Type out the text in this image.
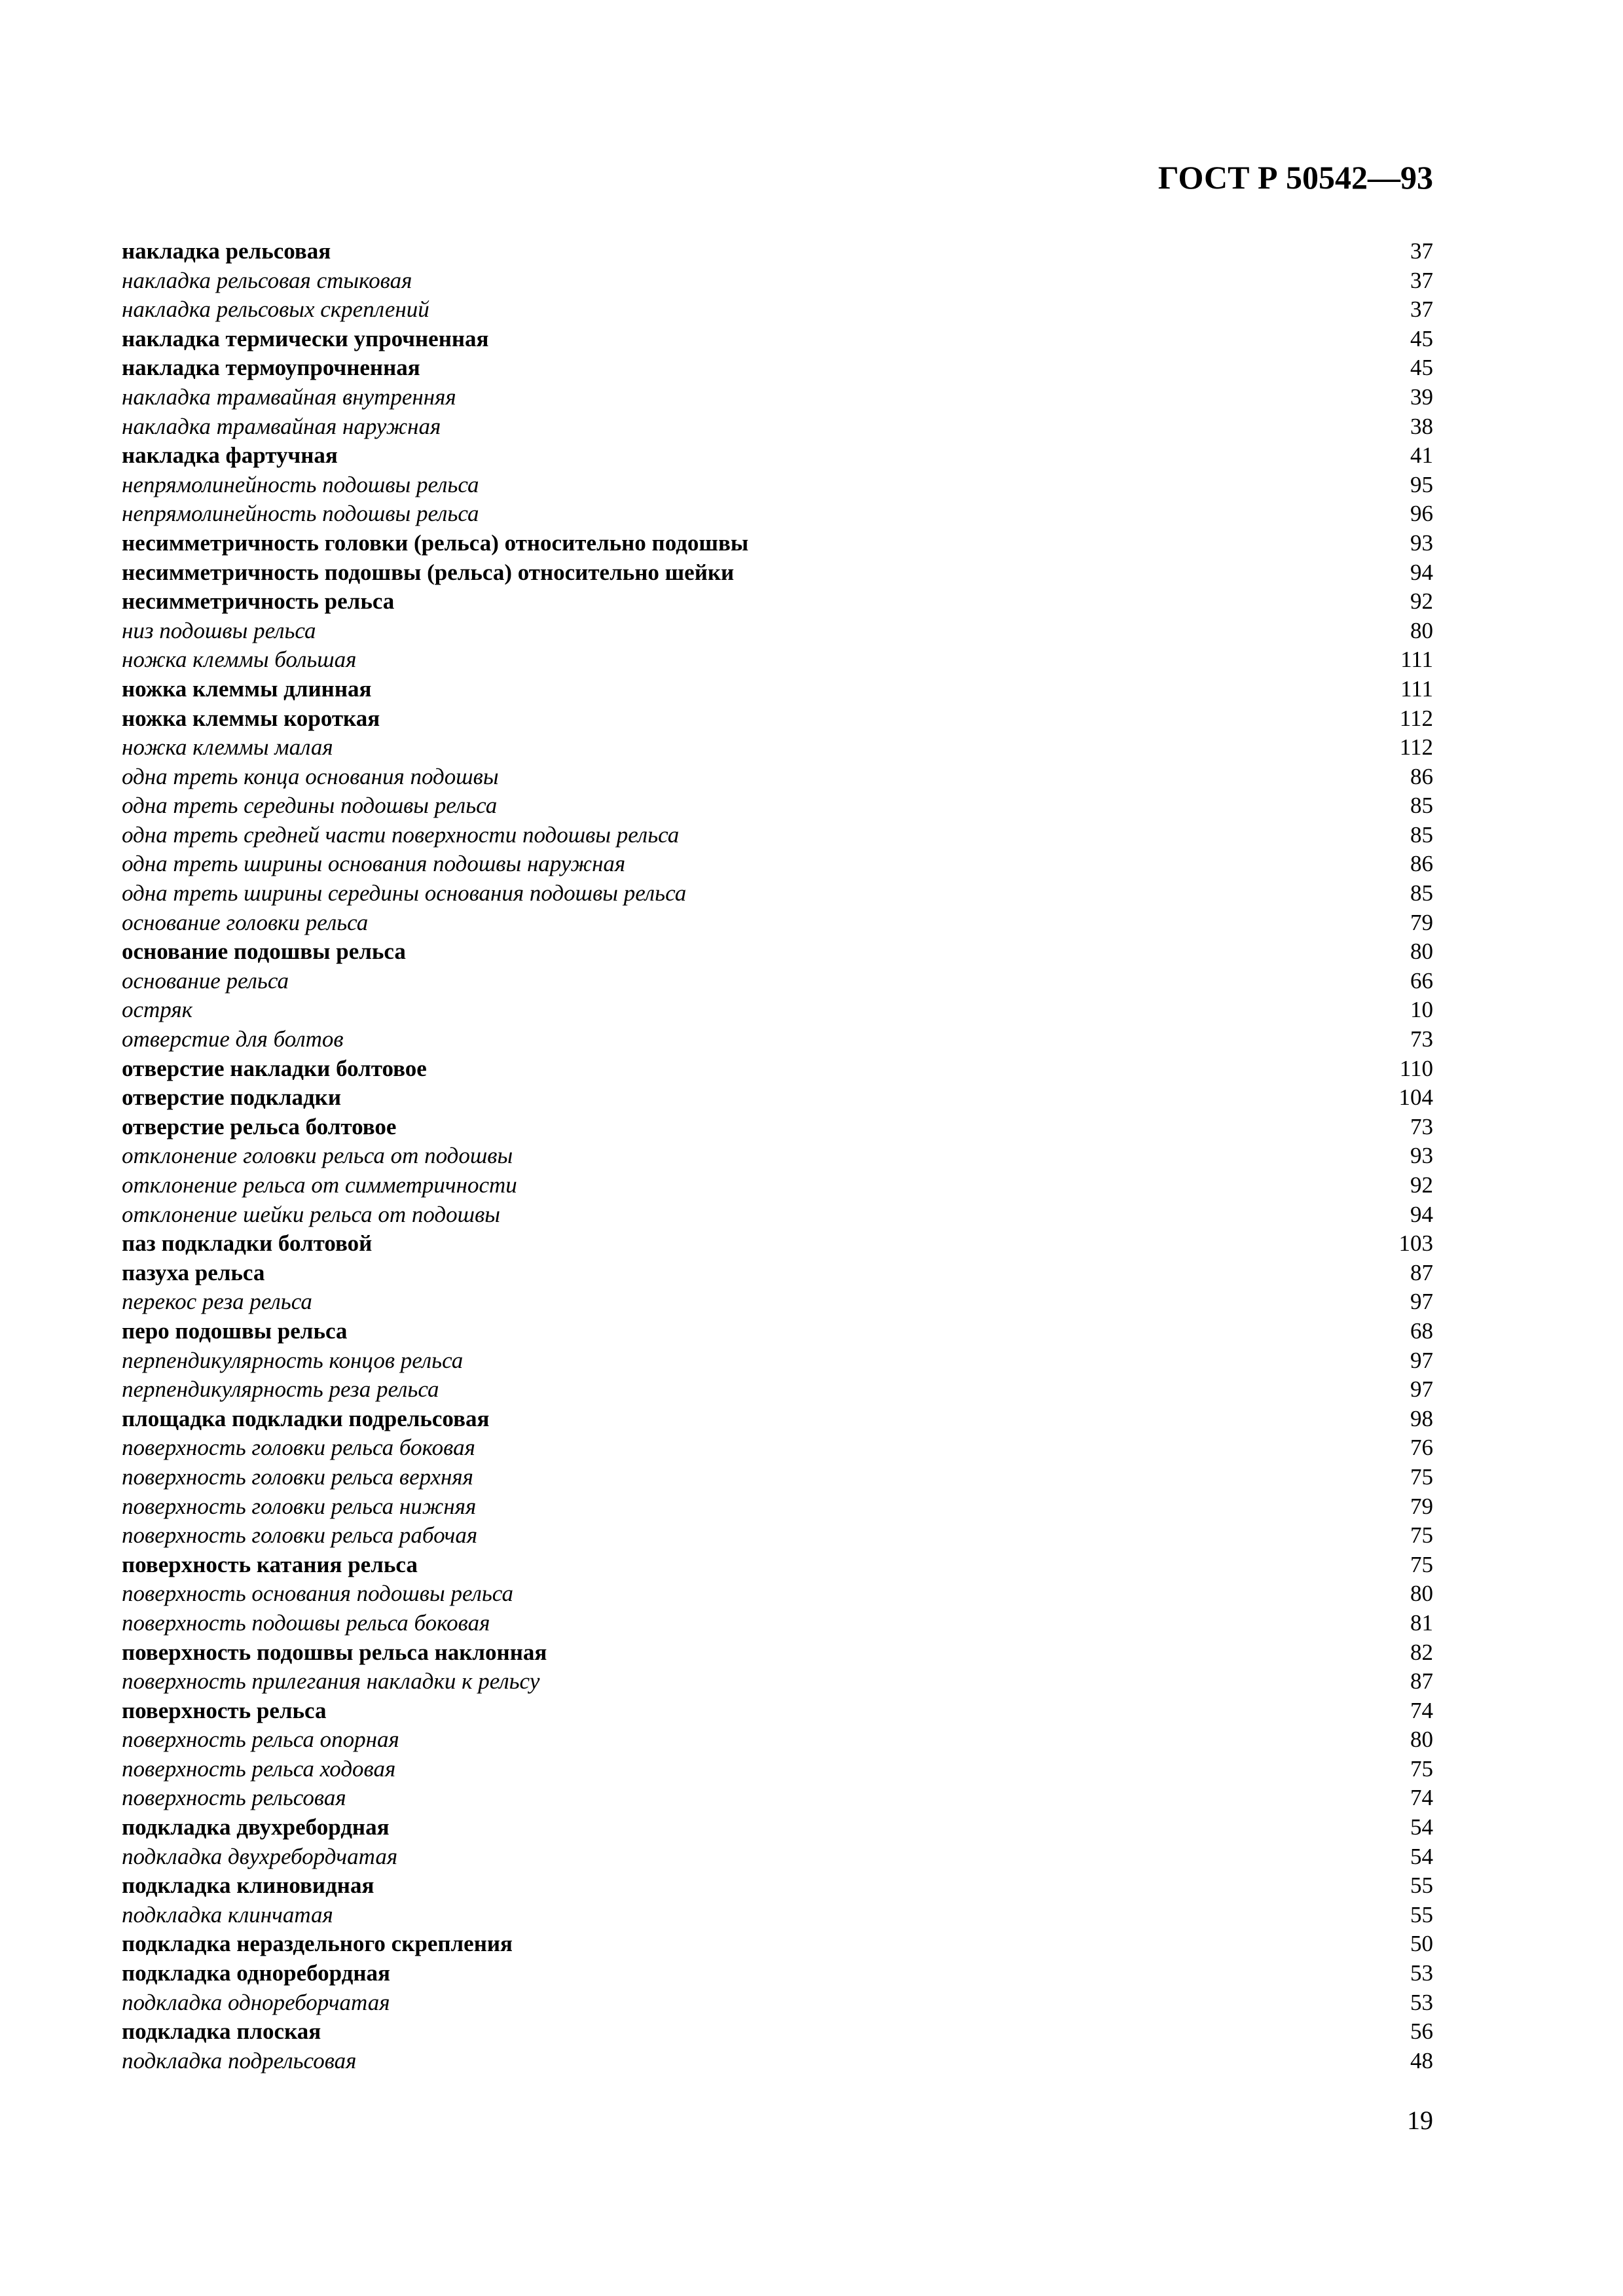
ГОСТ Р 50542—93
накладка рельсовая	37
накладка рельсовая стыковая	37
накладка рельсовых скреплений	37
накладка термически упрочненная	45
накладка термоупрочненная	45
накладка трамвайная внутренняя	39
накладка трамвайная наружная	38
накладка фартучная	41
непрямолинейность подошвы рельса	95
непрямолинейность подошвы рельса	96
несимметричность головки (рельса) относительно подошвы	93
несимметричность подошвы (рельса) относительно шейки	94
несимметричность рельса	92
низ подошвы рельса	80
ножка клеммы большая	111
ножка клеммы длинная	111
ножка клеммы короткая	112
ножка клеммы малая	112
одна треть конца основания подошвы	86
одна треть середины подошвы рельса	85
одна треть средней части поверхности подошвы рельса	85
одна треть ширины основания подошвы наружная	86
одна треть ширины середины основания подошвы рельса	85
основание головки рельса	79
основание подошвы рельса	80
основание рельса	66
остряк	10
отверстие для болтов	73
отверстие накладки болтовое	110
отверстие подкладки	104
отверстие рельса болтовое	73
отклонение головки рельса от подошвы	93
отклонение рельса от симметричности	92
отклонение шейки рельса от подошвы	94
паз подкладки болтовой	103
пазуха рельса	87
перекос реза рельса	97
перо подошвы рельса	68
перпендикулярность концов рельса	97
перпендикулярность реза рельса	97
площадка подкладки подрельсовая	98
поверхность головки рельса боковая	76
поверхность головки рельса верхняя	75
поверхность головки рельса нижняя	79
поверхность головки рельса рабочая	75
поверхность катания рельса	75
поверхность основания подошвы рельса	80
поверхность подошвы рельса боковая	81
поверхность подошвы рельса наклонная	82
поверхность прилегания накладки к рельсу	87
поверхность рельса	74
поверхность рельса опорная	80
поверхность рельса ходовая	75
поверхность рельсовая	74
подкладка двухребордная	54
подкладка двухребордчатая	54
подкладка клиновидная	55
подкладка клинчатая	55
подкладка нераздельного скрепления	50
подкладка одноребордная	53
подкладка однореборчатая	53
подкладка плоская	56
подкладка подрельсовая	48
19
